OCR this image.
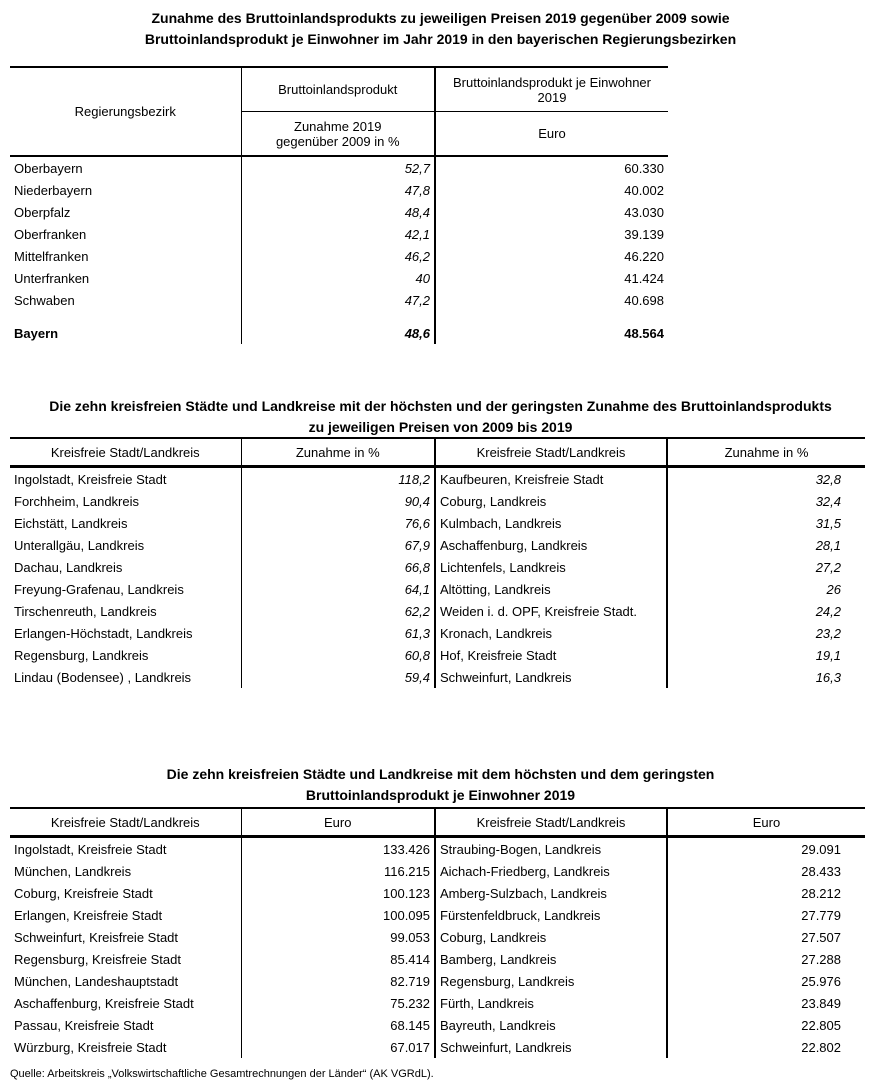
Zunahme des Bruttoinlandsprodukts zu jeweiligen Preisen 2019 gegenüber 2009 sowie
Bruttoinlandsprodukt je Einwohner im Jahr 2019 in den bayerischen Regierungsbezirken
Regierungsbezirk	Bruttoinlandsprodukt	Bruttoinlandsprodukt je Einwohner
2019

	Zunahme 2019
gegenüber 2009 in %	Euro
Oberbayern	52,7	60.330
Niederbayern	47,8	40.002
Oberpfalz	48,4	43.030
Oberfranken	42,1	39.139
Mittelfranken	46,2	46.220
Unterfranken	40	41.424
Schwaben	47,2	40.698

Bayern	48,6	48.564
Die zehn kreisfreien Städte und Landkreise mit der höchsten und der geringsten Zunahme des Bruttoinlandsprodukts
zu jeweiligen Preisen von 2009 bis 2019
Kreisfreie Stadt/Landkreis	Zunahme in %	Kreisfreie Stadt/Landkreis	Zunahme in %
Ingolstadt, Kreisfreie Stadt	118,2	Kaufbeuren, Kreisfreie Stadt	32,8
Forchheim, Landkreis	90,4	Coburg, Landkreis	32,4
Eichstätt, Landkreis	76,6	Kulmbach, Landkreis	31,5
Unterallgäu, Landkreis	67,9	Aschaffenburg, Landkreis	28,1
Dachau, Landkreis	66,8	Lichtenfels, Landkreis	27,2
Freyung-Grafenau, Landkreis	64,1	Altötting, Landkreis	26
Tirschenreuth, Landkreis	62,2	Weiden i. d. OPF, Kreisfreie Stadt.	24,2
Erlangen-Höchstadt, Landkreis	61,3	Kronach, Landkreis	23,2
Regensburg, Landkreis	60,8	Hof, Kreisfreie Stadt	19,1
Lindau (Bodensee) , Landkreis	59,4	Schweinfurt, Landkreis	16,3
Die zehn kreisfreien Städte und Landkreise mit dem höchsten und dem geringsten
Bruttoinlandsprodukt je Einwohner 2019
Kreisfreie Stadt/Landkreis	Euro	Kreisfreie Stadt/Landkreis	Euro
Ingolstadt, Kreisfreie Stadt	133.426	Straubing-Bogen, Landkreis	29.091
München, Landkreis	116.215	Aichach-Friedberg, Landkreis	28.433
Coburg, Kreisfreie Stadt	100.123	Amberg-Sulzbach, Landkreis	28.212
Erlangen, Kreisfreie Stadt	100.095	Fürstenfeldbruck, Landkreis	27.779
Schweinfurt, Kreisfreie Stadt	99.053	Coburg, Landkreis	27.507
Regensburg, Kreisfreie Stadt	85.414	Bamberg, Landkreis	27.288
München, Landeshauptstadt	82.719	Regensburg, Landkreis	25.976
Aschaffenburg, Kreisfreie Stadt	75.232	Fürth, Landkreis	23.849
Passau, Kreisfreie Stadt	68.145	Bayreuth, Landkreis	22.805
Würzburg, Kreisfreie Stadt	67.017	Schweinfurt, Landkreis	22.802
Quelle: Arbeitskreis „Volkswirtschaftliche Gesamtrechnungen der Länder“ (AK VGRdL).
